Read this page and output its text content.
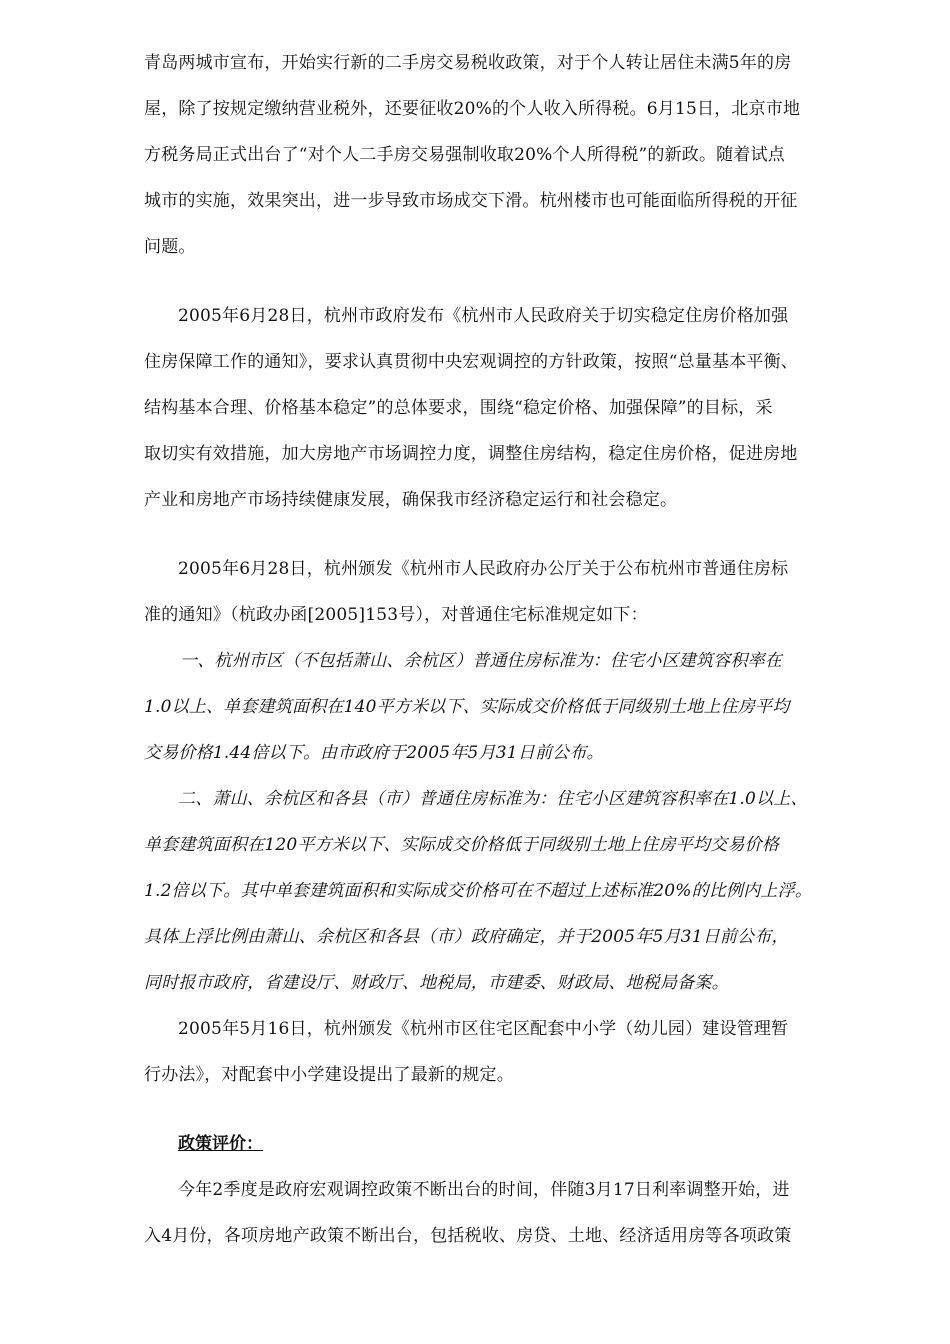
青岛两城市宣布，开始实行新的二手房交易税收政策，对于个人转让居住未满5年的房
屋，除了按规定缴纳营业税外，还要征收20%的个人收入所得税。6月15日，北京市地
方税务局正式出台了“对个人二手房交易强制收取20%个人所得税”的新政。随着试点
城市的实施，效果突出，进一步导致市场成交下滑。杭州楼市也可能面临所得税的开征
问题。
2005年6月28日，杭州市政府发布《杭州市人民政府关于切实稳定住房价格加强
住房保障工作的通知》，要求认真贯彻中央宏观调控的方针政策，按照“总量基本平衡、
结构基本合理、价格基本稳定”的总体要求，围绕“稳定价格、加强保障”的目标，采
取切实有效措施，加大房地产市场调控力度，调整住房结构，稳定住房价格，促进房地
产业和房地产市场持续健康发展，确保我市经济稳定运行和社会稳定。
2005年6月28日，杭州颁发《杭州市人民政府办公厅关于公布杭州市普通住房标
准的通知》（杭政办函[2005]153号），对普通住宅标准规定如下：
一、杭州市区（不包括萧山、余杭区）普通住房标准为：住宅小区建筑容积率在
1.0以上、单套建筑面积在140平方米以下、实际成交价格低于同级别土地上住房平均
交易价格1.44倍以下。由市政府于2005年5月31日前公布。
二、萧山、余杭区和各县（市）普通住房标准为：住宅小区建筑容积率在1.0以上、
单套建筑面积在120平方米以下、实际成交价格低于同级别土地上住房平均交易价格
1.2倍以下。其中单套建筑面积和实际成交价格可在不超过上述标准20%的比例内上浮。
具体上浮比例由萧山、余杭区和各县（市）政府确定，并于2005年5月31日前公布，
同时报市政府，省建设厅、财政厅、地税局，市建委、财政局、地税局备案。
2005年5月16日，杭州颁发《杭州市区住宅区配套中小学（幼儿园）建设管理暂
行办法》，对配套中小学建设提出了最新的规定。
政策评价：
今年2季度是政府宏观调控政策不断出台的时间，伴随3月17日利率调整开始，进
入4月份，各项房地产政策不断出台，包括税收、房贷、土地、经济适用房等各项政策
